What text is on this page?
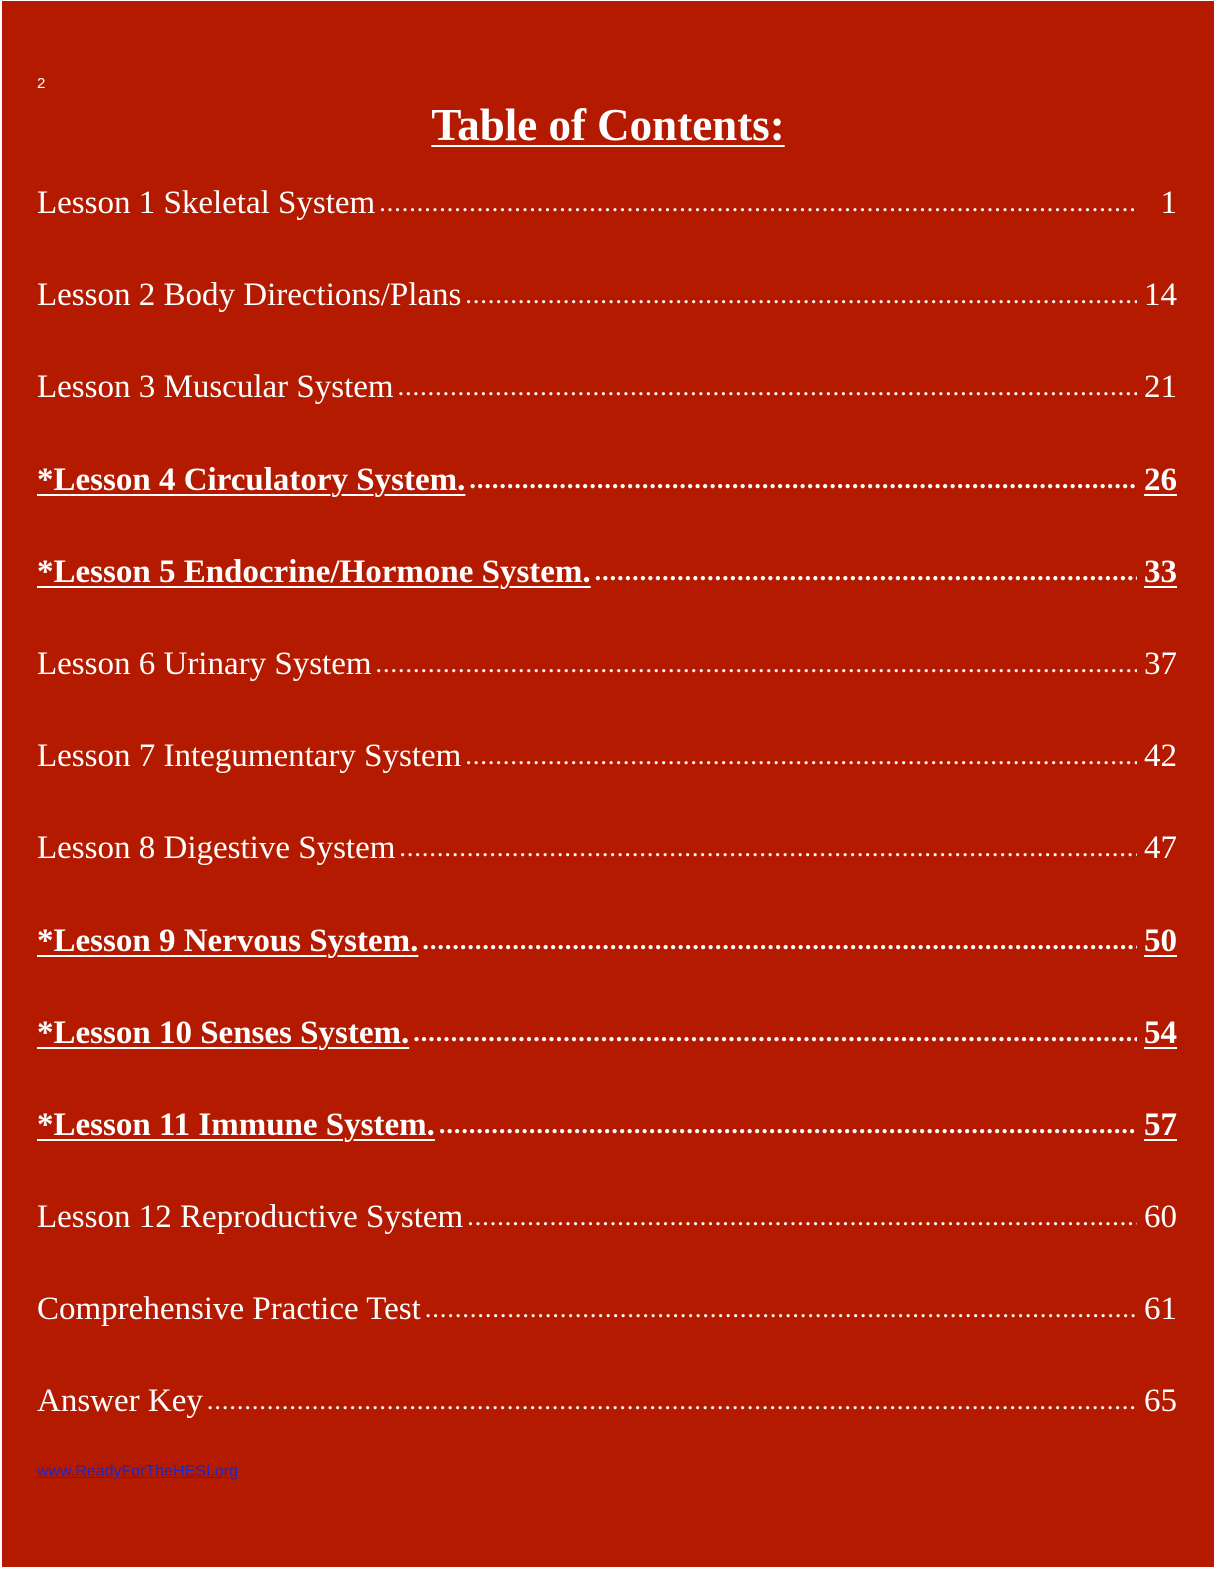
2
Table of Contents:
Lesson 1 Skeletal System .....	1
Lesson 2 Body Directions/Plans .....	14
Lesson 3 Muscular System .....	21
*Lesson 4 Circulatory System. .....	26
*Lesson 5 Endocrine/Hormone System. .....	33
Lesson 6 Urinary System .....	37
Lesson 7 Integumentary System .....	42
Lesson 8 Digestive System .....	47
*Lesson 9 Nervous System. .....	50
*Lesson 10 Senses System. .....	54
*Lesson 11 Immune System. .....	57
Lesson 12 Reproductive System .....	60
Comprehensive Practice Test .....	61
Answer Key .....	65
www.ReadyForTheHESI.org
